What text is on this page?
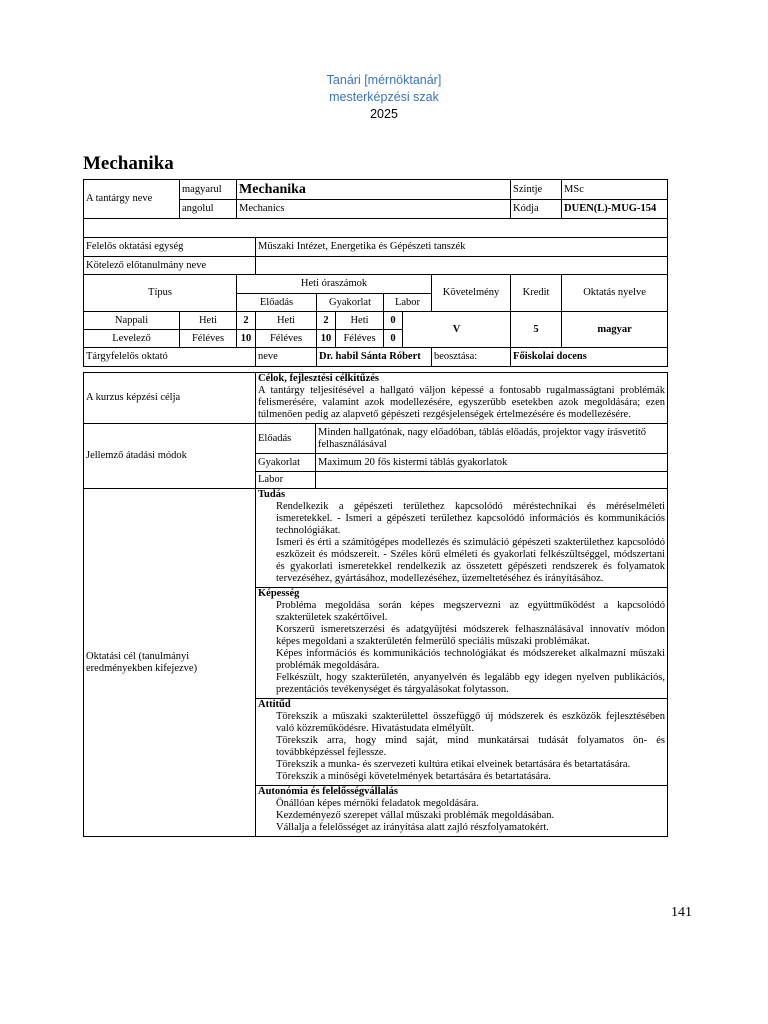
Tanári [mérnöktanár]
mesterképzési szak
2025
Mechanika
A tantárgy neve	magyarul	Mechanika							Szintje	MSc
	angolul	Mechanics							Kódja	DUEN(L)-MUG-154

Felelős oktatási egység			Műszaki Intézet, Energetika és Gépészeti tanszék							
Kötelező előtanulmány neve										
Típus		Heti óraszámok						Követelmény	Kredit	Oktatás nyelve
		Előadás		Gyakorlat		Labor				
Nappali	Heti	2	Heti	2	Heti	0	V		5	magyar
Levelező	Féléves	10	Féléves	10	Féléves	0				
Tárgyfelelős oktató			neve	Dr. habil Sánta Róbert				beosztása:	Főiskolai docens	
A kurzus képzési célja	Célok, fejlesztési célkitűzés
A tantárgy teljesítésével a hallgató váljon képessé a fontosabb rugalmasságtani problémák felismerésére, valamint azok modellezésére, egyszerűbb esetekben azok megoldására; ezen túlmenően pedig az alapvető gépészeti rezgésjelenségek értelmezésére és modellezésére.	

Jellemző átadási módok	Előadás	Minden hallgatónak, nagy előadóban, táblás előadás, projektor vagy írásvetítő felhasználásával
	Gyakorlat	Maximum 20 fős kistermi táblás gyakorlatok
	Labor	
Oktatási cél (tanulmányi eredményekben kifejezve)	Tudás
Rendelkezik a gépészeti területhez kapcsolódó méréstechnikai és méréselméleti ismeretekkel. - Ismeri a gépészeti területhez kapcsolódó információs és kommunikációs technológiákat.
Ismeri és érti a számítógépes modellezés és szimuláció gépészeti szakterülethez kapcsolódó eszközeit és módszereit. - Széles körű elméleti és gyakorlati felkészültséggel, módszertani és gyakorlati ismeretekkel rendelkezik az összetett gépészeti rendszerek és folyamatok tervezéséhez, gyártásához, modellezéséhez, üzemeltetéséhez és irányításához.	

	Képesség
Probléma megoldása során képes megszervezni az együttműködést a kapcsolódó szakterületek szakértőivel.
Korszerű ismeretszerzési és adatgyűjtési módszerek felhasználásával innovatív módon képes megoldani a szakterületén felmerülő speciális műszaki problémákat.
Képes információs és kommunikációs technológiákat és módszereket alkalmazni műszaki problémák megoldására.
Felkészült, hogy szakterületén, anyanyelvén és legalább egy idegen nyelven publikációs, prezentációs tevékenységet és tárgyalásokat folytasson.	

	Attitűd
Törekszik a műszaki szakterülettel összefüggő új módszerek és eszközök fejlesztésében való közreműködésre. Hivatástudata elmélyült.
Törekszik arra, hogy mind saját, mind munkatársai tudását folyamatos ön- és továbbképzéssel fejlessze.
Törekszik a munka- és szervezeti kultúra etikai elveinek betartására és betartatására.
Törekszik a minőségi követelmények betartására és betartatására.	

	Autonómia és felelősségvállalás
Önállóan képes mérnöki feladatok megoldására.
Kezdeményező szerepet vállal műszaki problémák megoldásában.
Vállalja a felelősséget az irányítása alatt zajló részfolyamatokért.	
141
